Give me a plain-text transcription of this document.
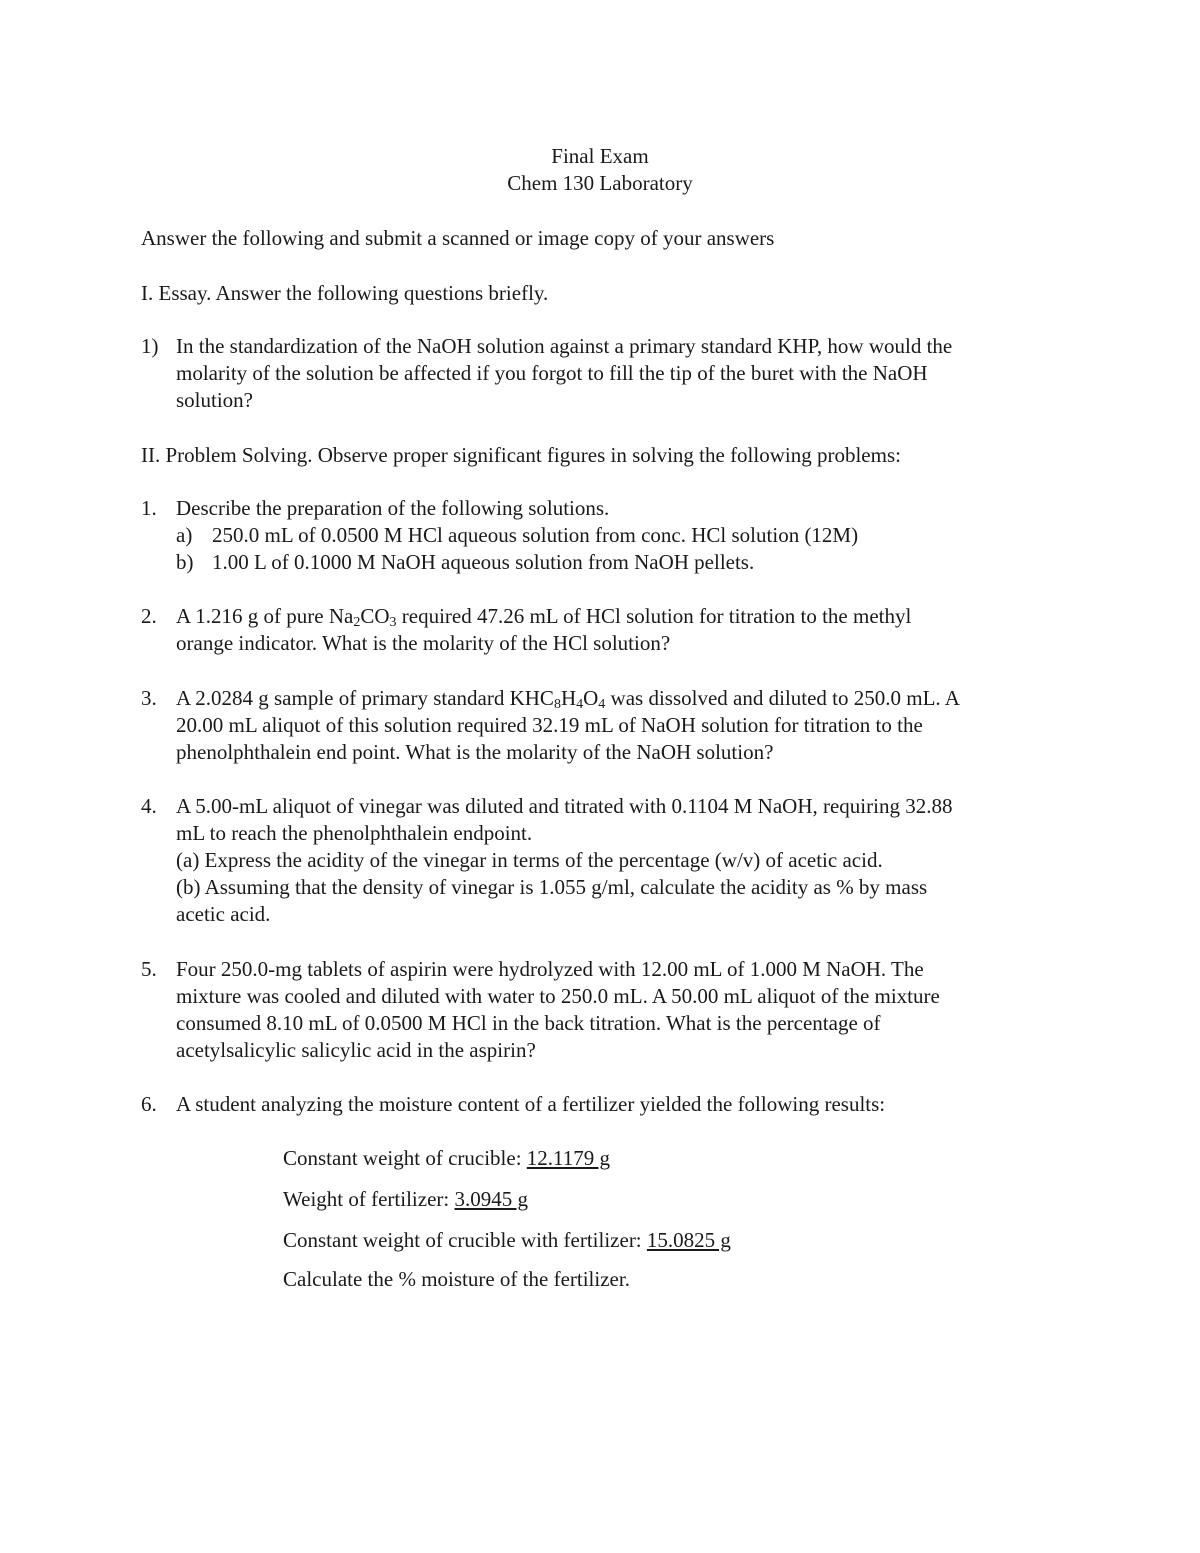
Final Exam
Chem 130 Laboratory
Answer the following and submit a scanned or image copy of your answers
I. Essay. Answer the following questions briefly.
1) In the standardization of the NaOH solution against a primary standard KHP, how would the
molarity of the solution be affected if you forgot to fill the tip of the buret with the NaOH
solution?
II. Problem Solving. Observe proper significant figures in solving the following problems:
1. Describe the preparation of the following solutions.
a) 250.0 mL of 0.0500 M HCl aqueous solution from conc. HCl solution (12M)
b) 1.00 L of 0.1000 M NaOH aqueous solution from NaOH pellets.
2. A 1.216 g of pure $Na_2CO_3$ required 47.26 mL of HCl solution for titration to the methyl
orange indicator. What is the molarity of the HCl solution?
3. A 2.0284 g sample of primary standard $KHC_8H_4O_4$ was dissolved and diluted to 250.0 mL. A
20.00 mL aliquot of this solution required 32.19 mL of NaOH solution for titration to the
phenolphthalein end point. What is the molarity of the NaOH solution?
4. A 5.00-mL aliquot of vinegar was diluted and titrated with 0.1104 M NaOH, requiring 32.88
mL to reach the phenolphthalein endpoint.
(a) Express the acidity of the vinegar in terms of the percentage (w/v) of acetic acid.
(b) Assuming that the density of vinegar is 1.055 g/ml, calculate the acidity as % by mass
acetic acid.
5. Four 250.0-mg tablets of aspirin were hydrolyzed with 12.00 mL of 1.000 M NaOH. The
mixture was cooled and diluted with water to 250.0 mL. A 50.00 mL aliquot of the mixture
consumed 8.10 mL of 0.0500 M HCl in the back titration. What is the percentage of
acetylsalicylic salicylic acid in the aspirin?
6. A student analyzing the moisture content of a fertilizer yielded the following results:
Constant weight of crucible: 12.1179 g
Weight of fertilizer: 3.0945 g
Constant weight of crucible with fertilizer: 15.0825 g
Calculate the % moisture of the fertilizer.
